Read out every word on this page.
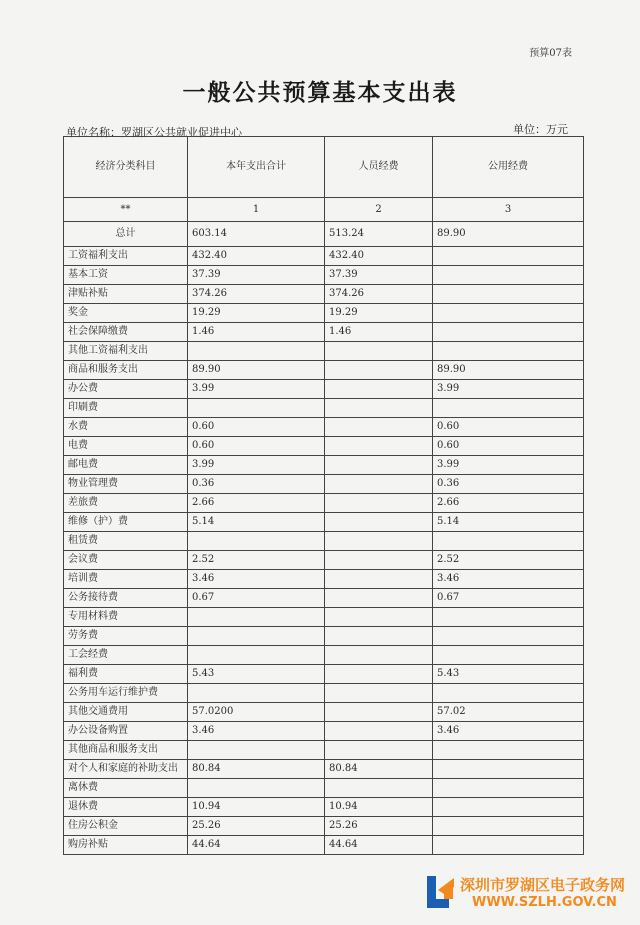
预算07表
一般公共预算基本支出表
单位名称：罗湖区公共就业促进中心	单位：万元
经济分类科目	本年支出合计	人员经费	公用经费
**	1	2	3
总计	603.14	513.24	89.90
工资福利支出	432.40	432.40	
基本工资	37.39	37.39	
津贴补贴	374.26	374.26	
奖金	19.29	19.29	
社会保障缴费	1.46	1.46	
其他工资福利支出			
商品和服务支出	89.90		89.90
办公费	3.99		3.99
印刷费			
水费	0.60		0.60
电费	0.60		0.60
邮电费	3.99		3.99
物业管理费	0.36		0.36
差旅费	2.66		2.66
维修（护）费	5.14		5.14
租赁费			
会议费	2.52		2.52
培训费	3.46		3.46
公务接待费	0.67		0.67
专用材料费			
劳务费			
工会经费			
福利费	5.43		5.43
公务用车运行维护费			
其他交通费用	57.0200		57.02
办公设备购置	3.46		3.46
其他商品和服务支出			
对个人和家庭的补助支出	80.84	80.84	
离休费			
退休费	10.94	10.94	
住房公积金	25.26	25.26	
购房补贴	44.64	44.64	
深圳市罗湖区电子政务网
WWW.SZLH.GOV.CN
